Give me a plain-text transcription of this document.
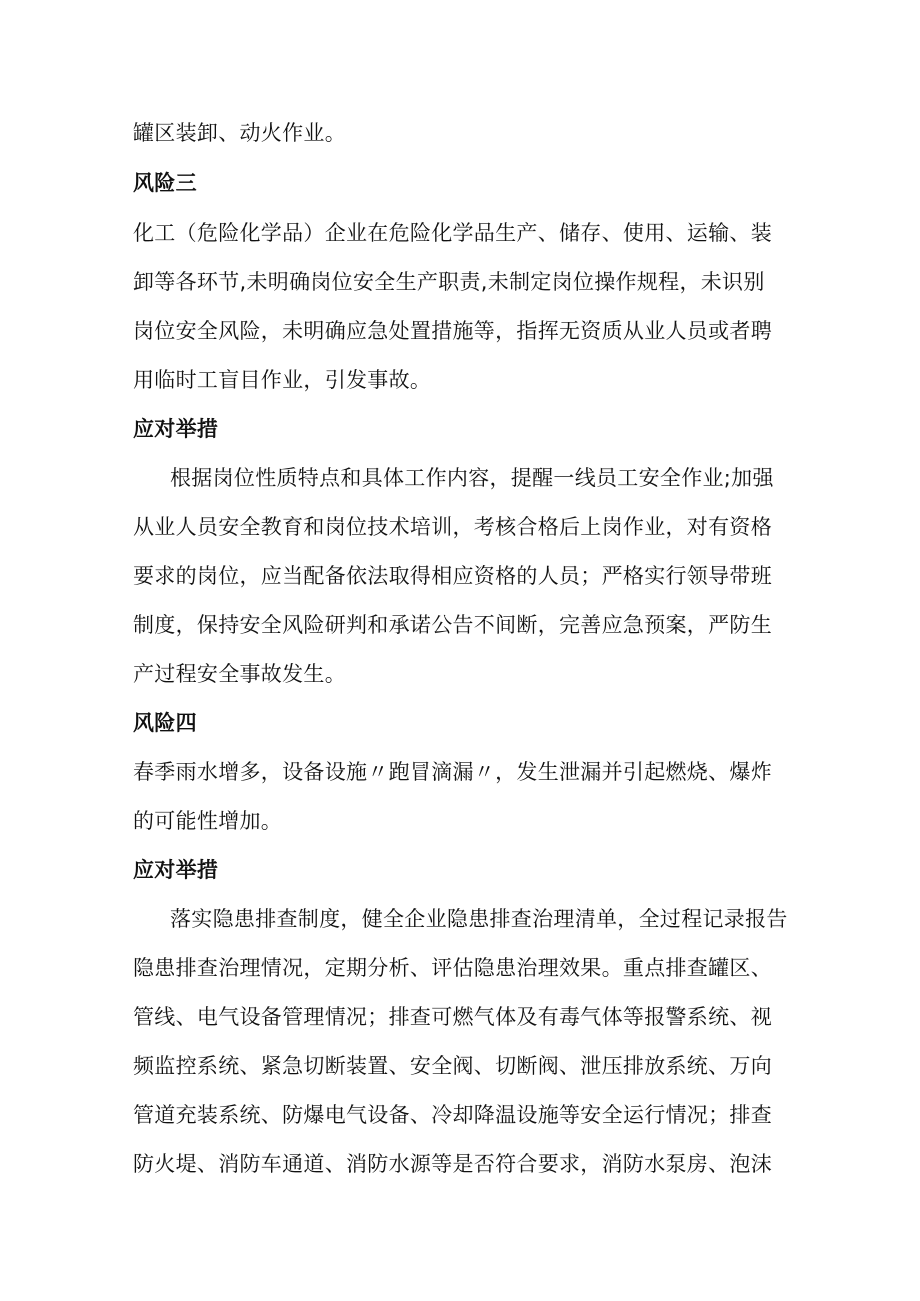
罐区装卸、动火作业。
风险三
化工（危险化学品）企业在危险化学品生产、储存、使用、运输、装
卸等各环节,未明确岗位安全生产职责,未制定岗位操作规程，未识别
岗位安全风险，未明确应急处置措施等，指挥无资质从业人员或者聘
用临时工盲目作业，引发事故。
应对举措
根据岗位性质特点和具体工作内容，提醒一线员工安全作业;加强
从业人员安全教育和岗位技术培训，考核合格后上岗作业，对有资格
要求的岗位，应当配备依法取得相应资格的人员；严格实行领导带班
制度，保持安全风险研判和承诺公告不间断，完善应急预案，严防生
产过程安全事故发生。
风险四
春季雨水增多，设备设施〃跑冒滴漏〃，发生泄漏并引起燃烧、爆炸
的可能性增加。
应对举措
落实隐患排查制度，健全企业隐患排查治理清单，全过程记录报告
隐患排查治理情况，定期分析、评估隐患治理效果。重点排查罐区、
管线、电气设备管理情况；排查可燃气体及有毒气体等报警系统、视
频监控系统、紧急切断装置、安全阀、切断阀、泄压排放系统、万向
管道充装系统、防爆电气设备、冷却降温设施等安全运行情况；排查
防火堤、消防车通道、消防水源等是否符合要求，消防水泵房、泡沫
